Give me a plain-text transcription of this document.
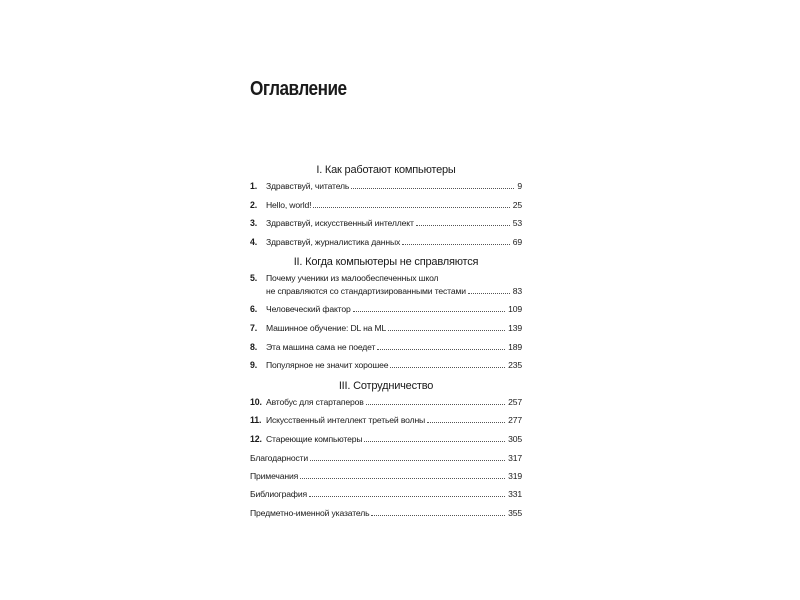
Оглавление
I. Как работают компьютеры
1.	Здравствуй, читатель	9
2.	Hello, world!	25
3.	Здравствуй, искусственный интеллект	53
4.	Здравствуй, журналистика данных	69
II. Когда компьютеры не справляются
5.	Почему ученики из малообеспеченных школ
не справляются со стандартизированными тестами	83
6.	Человеческий фактор	109
7.	Машинное обучение: DL на ML	139
8.	Эта машина сама не поедет	189
9.	Популярное не значит хорошее	235
III. Сотрудничество
10. Автобус для стартаперов	257
11. Искусственный интеллект третьей волны	277
12. Стареющие компьютеры	305
Благодарности	317
Примечания	319
Библиография	331
Предметно-именной указатель	355
